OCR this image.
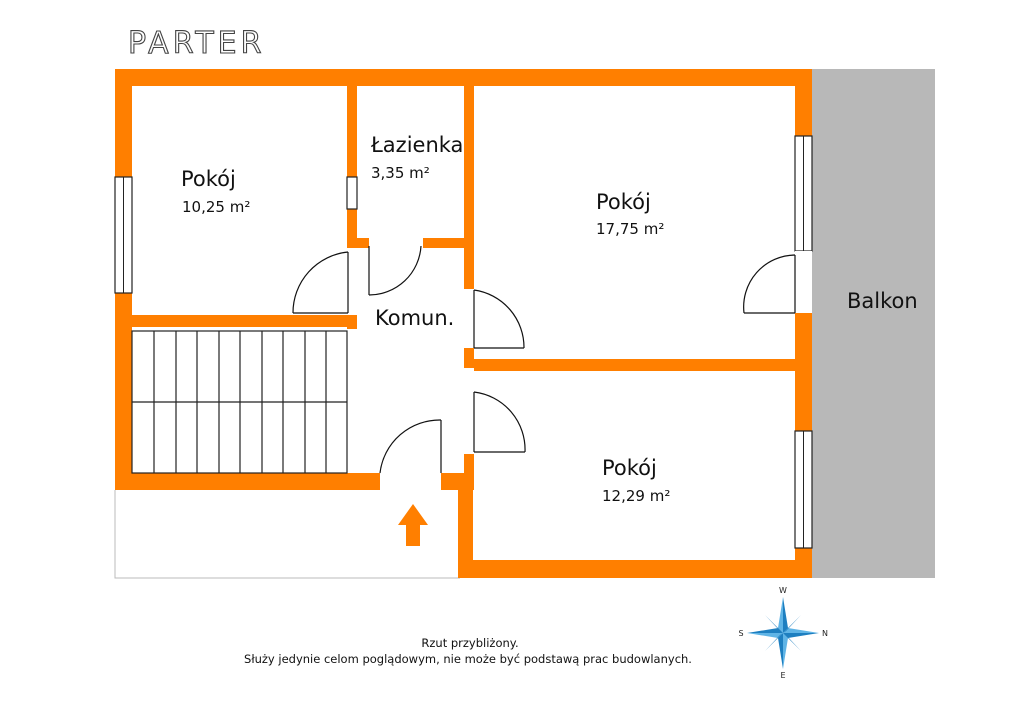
PARTER
Pokój
10,25 m²
Łazienka
3,35 m²
Pokój
17,75 m²
Komun.
Pokój
12,29 m²
Balkon
Rzut przybliżony.
Służy jedynie celom poglądowym, nie może być podstawą prac budowlanych.
W
E
S	N
